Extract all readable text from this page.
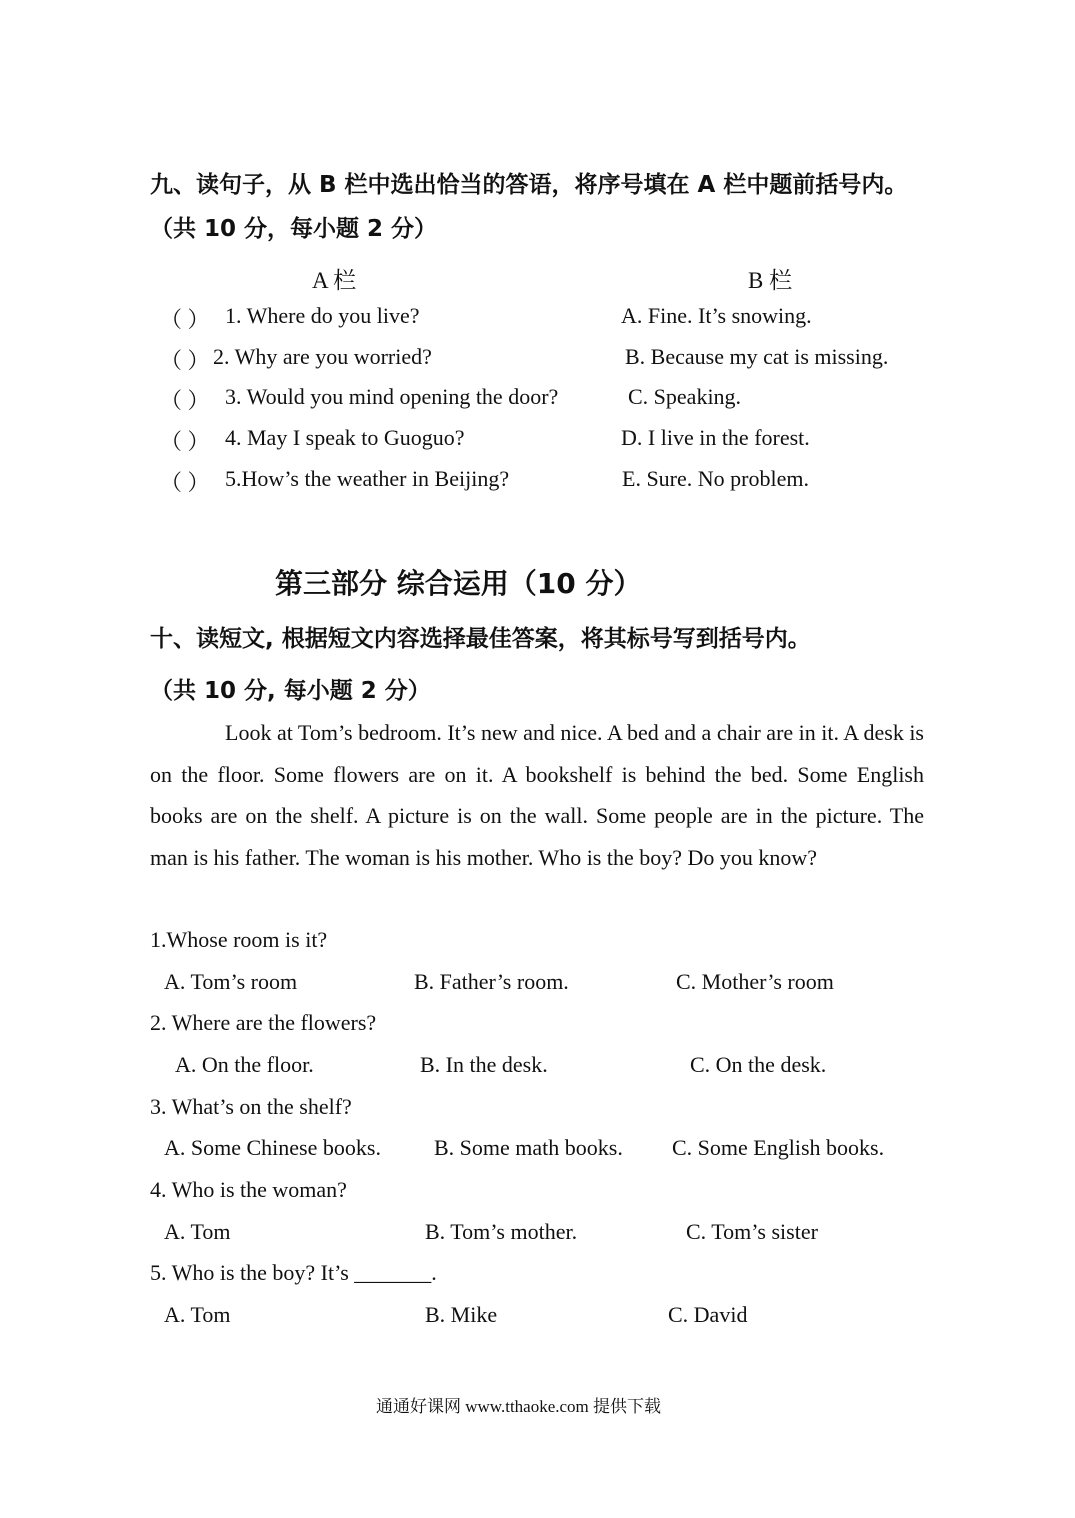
九、读句子，从 B 栏中选出恰当的答语，将序号填在 A 栏中题前括号内。
（共 10 分，每小题 2 分）
A 栏	B 栏
（ ） 1. Where do you live?	A. Fine. It’s snowing.
（ ） 2. Why are you worried?	B. Because my cat is missing.
（ ） 3. Would you mind opening the door?	C. Speaking.
（ ） 4. May I speak to Guoguo?	D. I live in the forest.
（ ） 5.How’s the weather in Beijing?	E. Sure. No problem.
第三部分 综合运用（10 分）
十、读短文, 根据短文内容选择最佳答案，将其标号写到括号内。
（共 10 分, 每小题 2 分）
Look at Tom’s bedroom. It’s new and nice. A bed and a chair are in it. A desk is on the floor. Some flowers are on it. A bookshelf is behind the bed. Some English books are on the shelf. A picture is on the wall. Some people are in the picture. The man is his father. The woman is his mother. Who is the boy? Do you know?
1.Whose room is it?
A. Tom’s room	B. Father’s room.	C. Mother’s room
2. Where are the flowers?
A. On the floor.	B. In the desk.	C. On the desk.
3. What’s on the shelf?
A. Some Chinese books. B. Some math books. C. Some English books.
4. Who is the woman?
A. Tom	B. Tom’s mother.	C. Tom’s sister
5. Who is the boy? It’s _______.
A. Tom	B. Mike	C. David
通通好课网 www.tthaoke.com 提供下载
